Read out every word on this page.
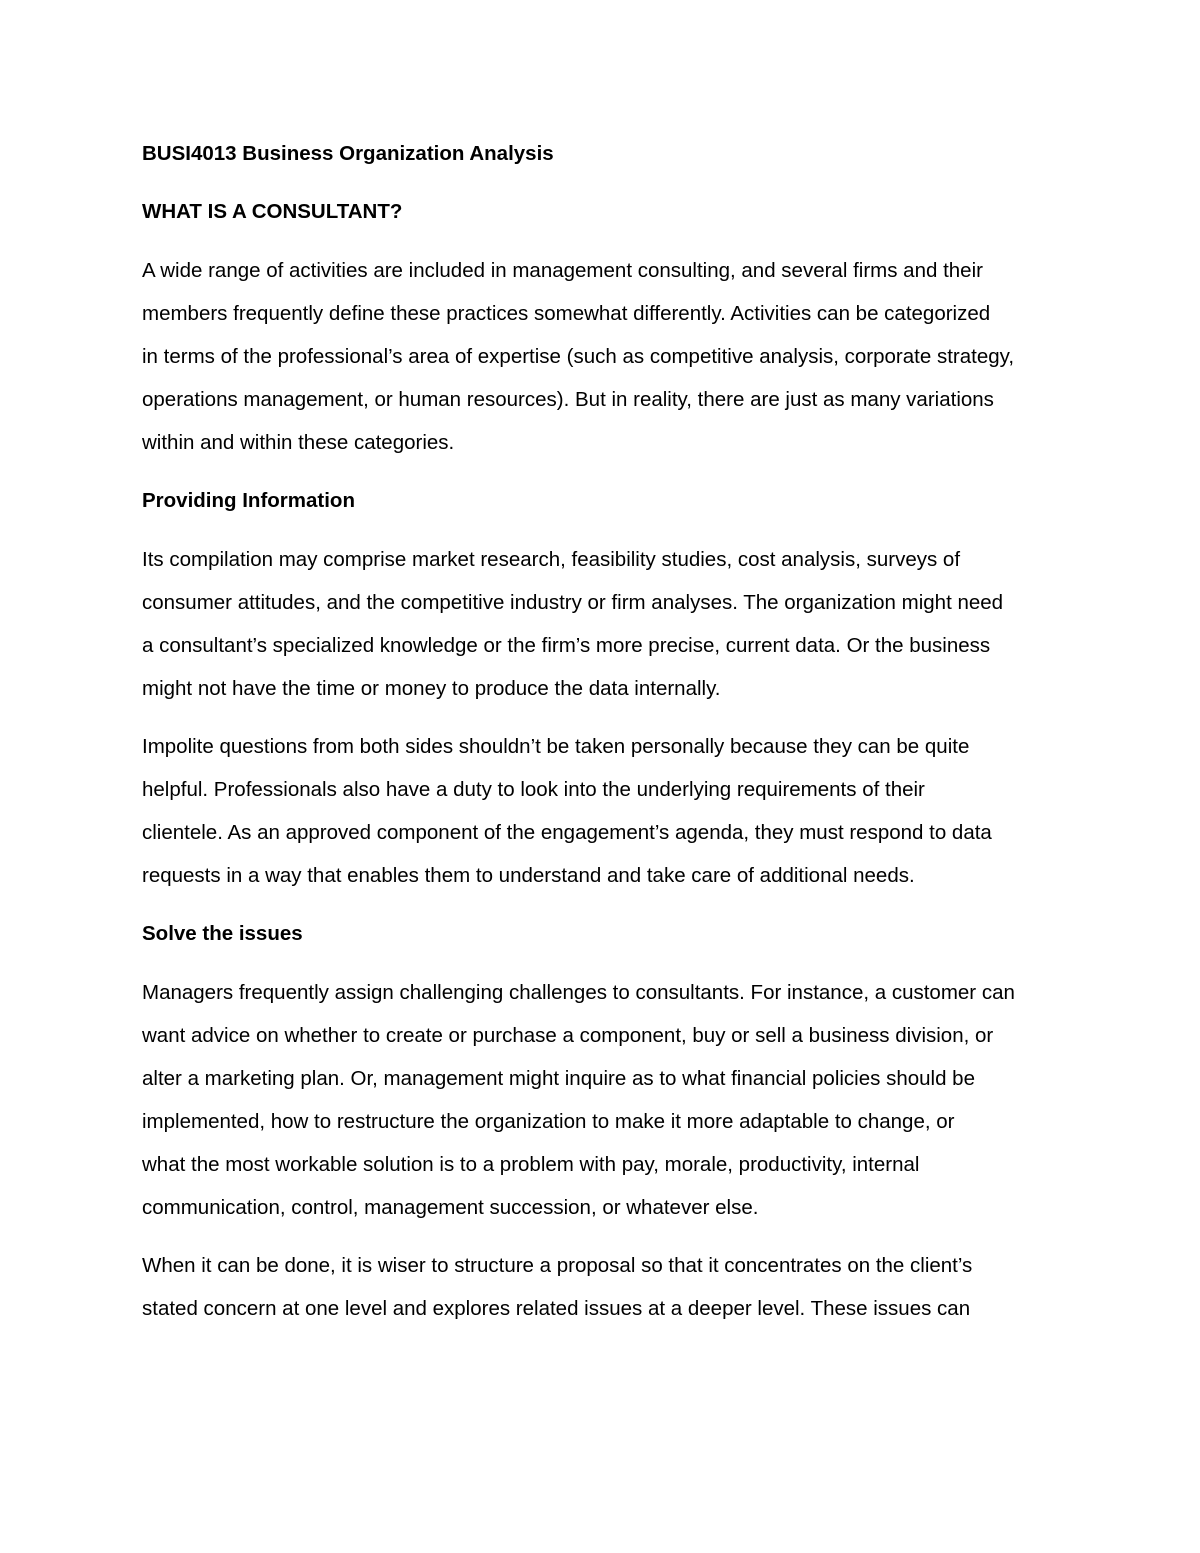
BUSI4013 Business Organization Analysis
WHAT IS A CONSULTANT?
A wide range of activities are included in management consulting, and several firms and their
members frequently define these practices somewhat differently. Activities can be categorized
in terms of the professional’s area of expertise (such as competitive analysis, corporate strategy,
operations management, or human resources). But in reality, there are just as many variations
within and within these categories.
Providing Information
Its compilation may comprise market research, feasibility studies, cost analysis, surveys of
consumer attitudes, and the competitive industry or firm analyses. The organization might need
a consultant’s specialized knowledge or the firm’s more precise, current data. Or the business
might not have the time or money to produce the data internally.
Impolite questions from both sides shouldn’t be taken personally because they can be quite
helpful. Professionals also have a duty to look into the underlying requirements of their
clientele. As an approved component of the engagement’s agenda, they must respond to data
requests in a way that enables them to understand and take care of additional needs.
Solve the issues
Managers frequently assign challenging challenges to consultants. For instance, a customer can
want advice on whether to create or purchase a component, buy or sell a business division, or
alter a marketing plan. Or, management might inquire as to what financial policies should be
implemented, how to restructure the organization to make it more adaptable to change, or
what the most workable solution is to a problem with pay, morale, productivity, internal
communication, control, management succession, or whatever else.
When it can be done, it is wiser to structure a proposal so that it concentrates on the client’s
stated concern at one level and explores related issues at a deeper level. These issues can
